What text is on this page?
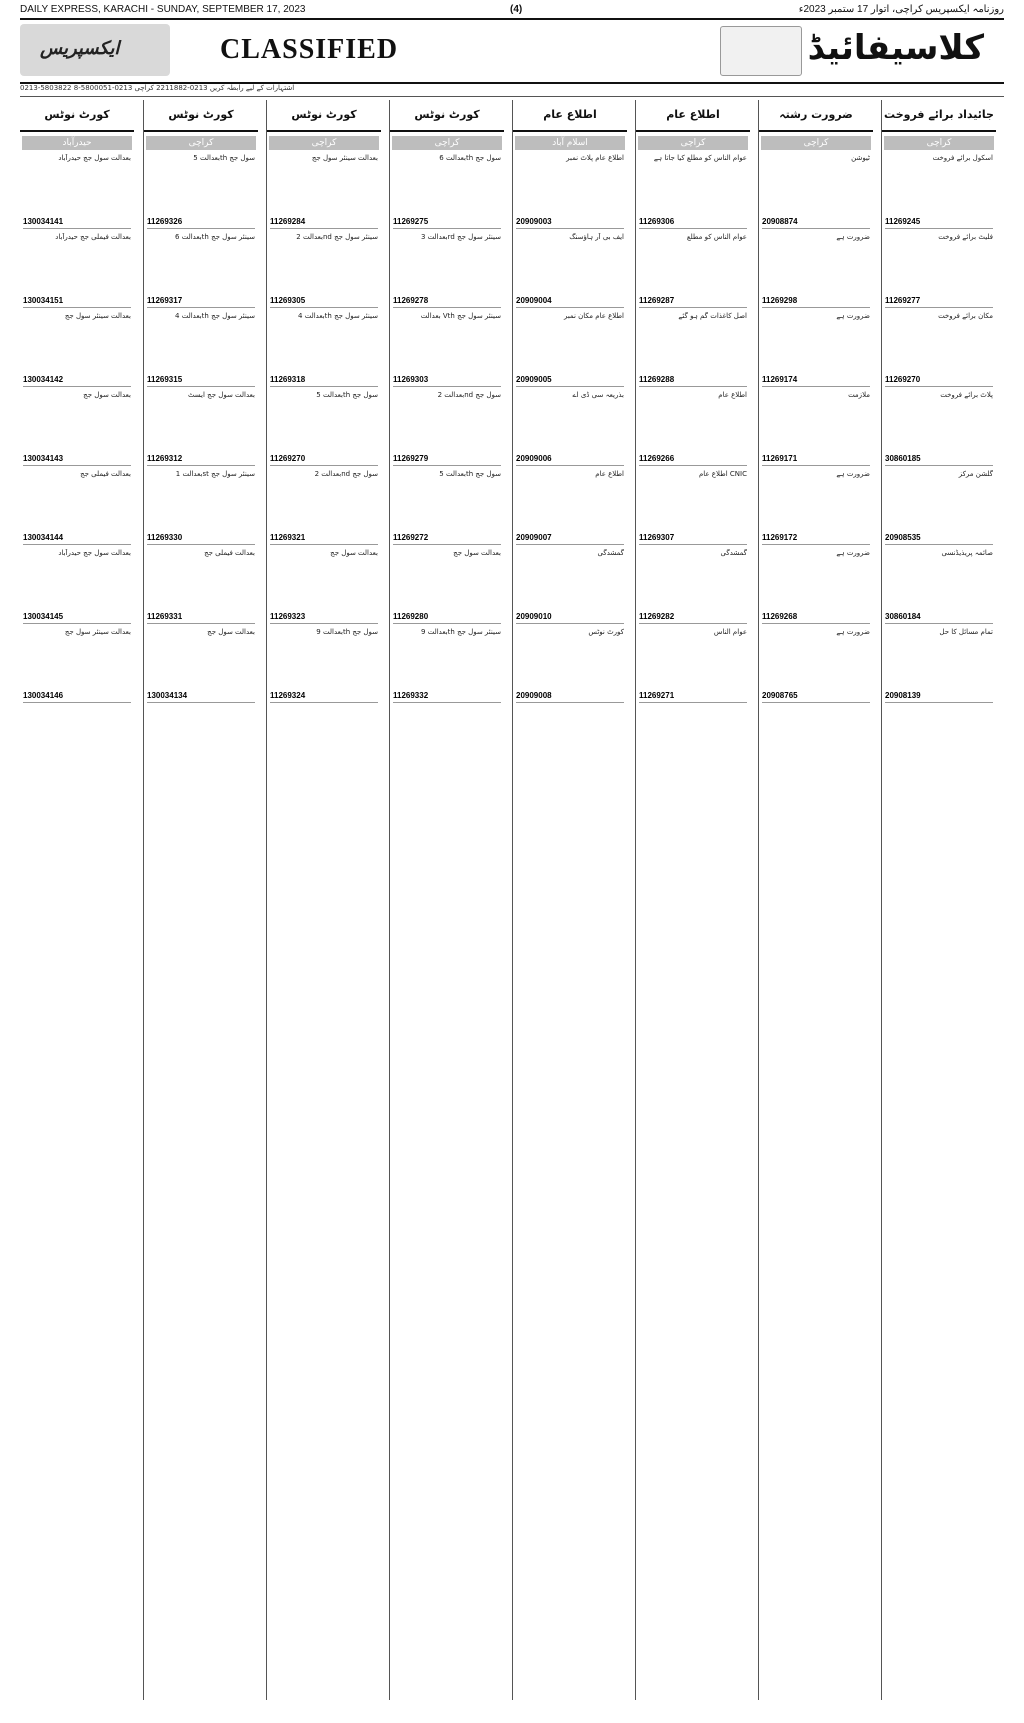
DAILY EXPRESS, KARACHI - SUNDAY, SEPTEMBER 17, 2023	(4)	روزنامہ ایکسپریس کراچی، اتوار 17 ستمبر 2023ء
ایکسپریس	CLASSIFIED	کلاسیفائیڈ
0213-5803822 اشتہارات کے لیے رابطہ کریں 0213-2211882 کراچی 0213-5800051-8
کورٹ نوٹس
حیدرآباد
بعدالت سول جج حیدرآباد
130034141
بعدالت فیملی جج حیدرآباد
130034151
بعدالت سینئر سول جج
130034142
بعدالت سول جج
130034143
بعدالت فیملی جج
130034144
بعدالت سول جج حیدرآباد
130034145
بعدالت سینئر سول جج
130034146
کورٹ نوٹس
کراچی
بعدالت 5th سول جج
11269326
بعدالت 6th سینئر سول جج
11269317
بعدالت 4th سینئر سول جج
11269315
بعدالت سول جج ایسٹ
11269312
بعدالت 1st سینئر سول جج
11269330
بعدالت فیملی جج
11269331
بعدالت سول جج
130034134
کورٹ نوٹس
کراچی
بعدالت سینئر سول جج
11269284
بعدالت 2nd سینئر سول جج
11269305
بعدالت 4th سینئر سول جج
11269318
بعدالت 5th سول جج
11269270
بعدالت 2nd سول جج
11269321
بعدالت سول جج
11269323
بعدالت 9th سول جج
11269324
کورٹ نوٹس
کراچی
بعدالت 6th سول جج
11269275
بعدالت 3rd سینئر سول جج
11269278
بعدالت Vth سینئر سول جج
11269303
بعدالت 2nd سول جج
11269279
بعدالت 5th سول جج
11269272
بعدالت سول جج
11269280
بعدالت 9th سینئر سول جج
11269332
اطلاع عام
اسلام آباد
اطلاع عام پلاٹ نمبر
20909003
ایف بی آر ہاؤسنگ
20909004
اطلاع عام مکان نمبر
20909005
بذریعہ سی ڈی اے
20909006
اطلاع عام
20909007
گمشدگی
20909010
کورٹ نوٹس
20909008
اطلاع عام
کراچی
عوام الناس کو مطلع کیا جاتا ہے
11269306
عوام الناس کو مطلع
11269287
اصل کاغذات گم ہو گئے
11269288
اطلاع عام
11269266
اطلاع عام CNIC
11269307
گمشدگی
11269282
عوام الناس
11269271
ضرورت رشتہ
کراچی
ٹیوشن
20908874
ضرورت ہے
11269298
ضرورت ہے
11269174
ملازمت
11269171
ضرورت ہے
11269172
ضرورت ہے
11269268
ضرورت ہے
20908765
جائیداد برائے فروخت
کراچی
اسکول برائے فروخت
11269245
فلیٹ برائے فروخت
11269277
مکان برائے فروخت
11269270
پلاٹ برائے فروخت
30860185
گلشن مرکز
20908535
صائمہ پریذیڈنسی
30860184
تمام مسائل کا حل
20908139
